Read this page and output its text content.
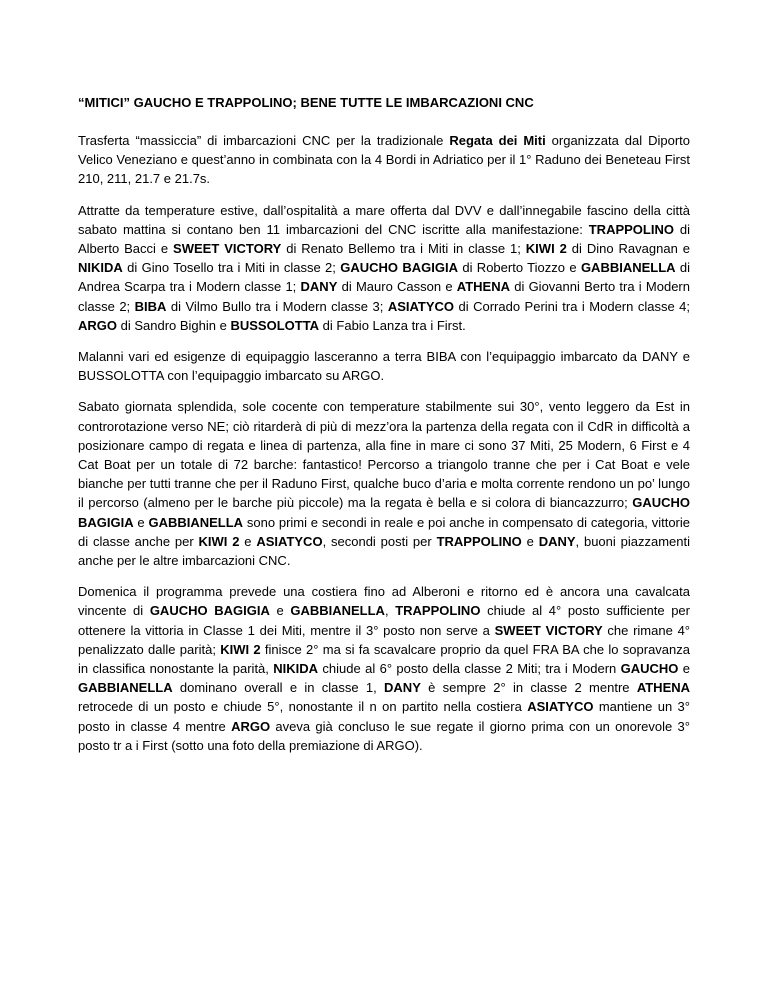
“MITICI” GAUCHO E TRAPPOLINO; BENE TUTTE LE IMBARCAZIONI CNC

Trasferta “massiccia” di imbarcazioni CNC per la tradizionale Regata dei Miti organizzata dal Diporto Velico Veneziano e quest’anno in combinata con la 4 Bordi in Adriatico per il 1° Raduno dei Beneteau First 210, 211, 21.7 e 21.7s.

Attratte da temperature estive, dall’ospitalità a mare offerta dal DVV e dall’innegabile fascino della città sabato mattina si contano ben 11 imbarcazioni del CNC iscritte alla manifestazione: TRAPPOLINO di Alberto Bacci e SWEET VICTORY di Renato Bellemo tra i Miti in classe 1; KIWI 2 di Dino Ravagnan e NIKIDA di Gino Tosello tra i Miti in classe 2; GAUCHO BAGIGIA di Roberto Tiozzo e GABBIANELLA di Andrea Scarpa tra i Modern classe 1; DANY di Mauro Casson e ATHENA di Giovanni Berto tra i Modern classe 2; BIBA di Vilmo Bullo tra i Modern classe 3; ASIATYCO di Corrado Perini tra i Modern classe 4; ARGO di Sandro Bighin e BUSSOLOTTA di Fabio Lanza tra i First.

Malanni vari ed esigenze di equipaggio lasceranno a terra BIBA con l’equipaggio imbarcato da DANY e BUSSOLOTTA con l’equipaggio imbarcato su ARGO.

Sabato giornata splendida, sole cocente con temperature stabilmente sui 30°, vento leggero da Est in controrotazione verso NE; ciò ritarderà di più di mezz’ora la partenza della regata con il CdR in difficoltà a posizionare campo di regata e linea di partenza, alla fine in mare ci sono 37 Miti, 25 Modern, 6 First e 4 Cat Boat per un totale di 72 barche: fantastico! Percorso a triangolo tranne che per i Cat Boat e vele bianche per tutti tranne che per il Raduno First, qualche buco d’aria e molta corrente rendono un po’ lungo il percorso (almeno per le barche più piccole) ma la regata è bella e si colora di biancazzurro; GAUCHO BAGIGIA e GABBIANELLA sono primi e secondi in reale e poi anche in compensato di categoria, vittorie di classe anche per KIWI 2 e ASIATYCO, secondi posti per TRAPPOLINO e DANY, buoni piazzamenti anche per le altre imbarcazioni CNC.

Domenica il programma prevede una costiera fino ad Alberoni e ritorno ed è ancora una cavalcata vincente di GAUCHO BAGIGIA e GABBIANELLA, TRAPPOLINO chiude al 4° posto sufficiente per ottenere la vittoria in Classe 1 dei Miti, mentre il 3° posto non serve a SWEET VICTORY che rimane 4° penalizzato dalle parità; KIWI 2 finisce 2° ma si fa scavalcare proprio da quel FRA BA che lo sopravanza in classifica nonostante la parità, NIKIDA chiude al 6° posto della classe 2 Miti; tra i Modern GAUCHO e GABBIANELLA dominano overall e in classe 1, DANY è sempre 2° in classe 2 mentre ATHENA retrocede di un posto e chiude 5°, nonostante il n on partito nella costiera ASIATYCO mantiene un 3° posto in classe 4 mentre ARGO aveva già concluso le sue regate il giorno prima con un onorevole 3° posto tr a i First (sotto una foto della premiazione di ARGO).
